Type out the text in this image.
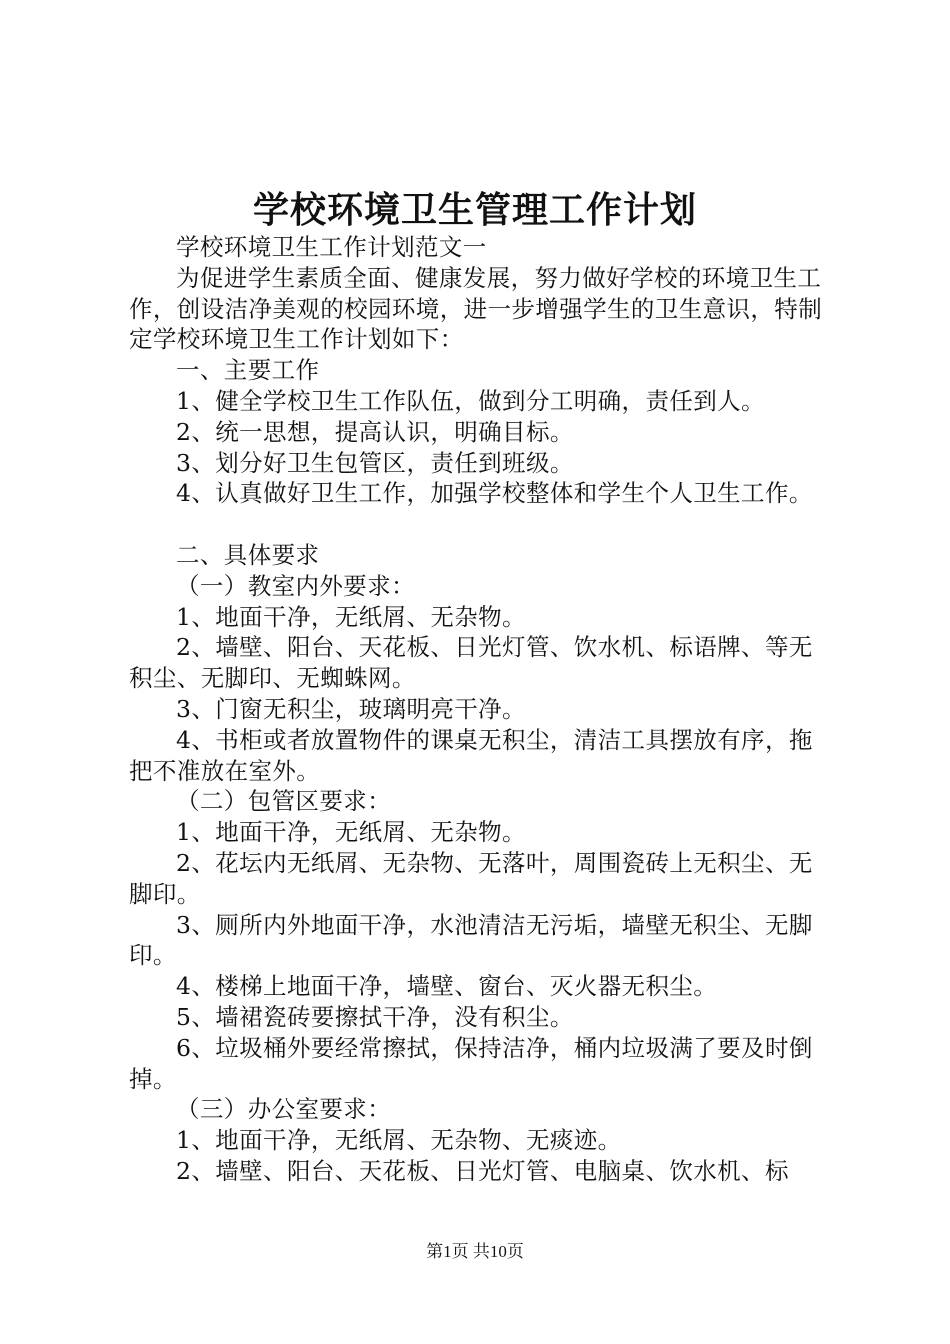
学校环境卫生管理工作计划

学校环境卫生工作计划范文一

为促进学生素质全面、健康发展，努力做好学校的环境卫生工作，创设洁净美观的校园环境，进一步增强学生的卫生意识，特制定学校环境卫生工作计划如下：

一、主要工作

1、健全学校卫生工作队伍，做到分工明确，责任到人。

2、统一思想，提高认识，明确目标。

3、划分好卫生包管区，责任到班级。

4、认真做好卫生工作，加强学校整体和学生个人卫生工作。

二、具体要求

（一）教室内外要求：

1、地面干净，无纸屑、无杂物。

2、墙壁、阳台、天花板、日光灯管、饮水机、标语牌、等无积尘、无脚印、无蜘蛛网。

3、门窗无积尘，玻璃明亮干净。

4、书柜或者放置物件的课桌无积尘，清洁工具摆放有序，拖把不准放在室外。

（二）包管区要求：

1、地面干净，无纸屑、无杂物。

2、花坛内无纸屑、无杂物、无落叶，周围瓷砖上无积尘、无脚印。

3、厕所内外地面干净，水池清洁无污垢，墙壁无积尘、无脚印。

4、楼梯上地面干净，墙壁、窗台、灭火器无积尘。

5、墙裙瓷砖要擦拭干净，没有积尘。

6、垃圾桶外要经常擦拭，保持洁净，桶内垃圾满了要及时倒掉。

（三）办公室要求：

1、地面干净，无纸屑、无杂物、无痰迹。

2、墙壁、阳台、天花板、日光灯管、电脑桌、饮水机、标

第1页 共10页
